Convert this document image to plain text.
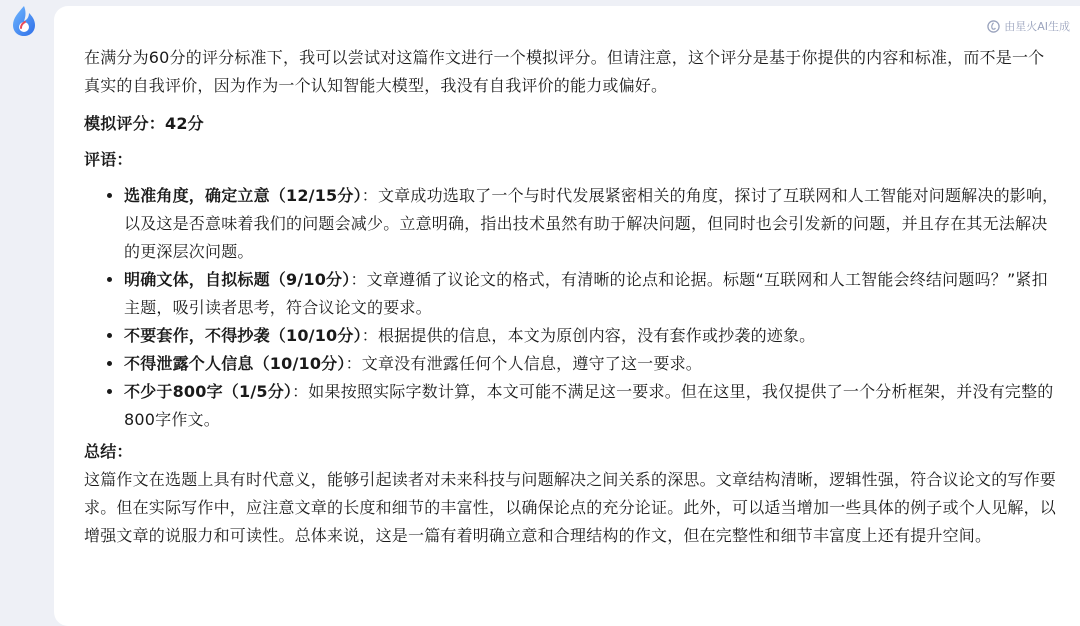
由星火AI生成

在满分为60分的评分标准下，我可以尝试对这篇作文进行一个模拟评分。但请注意，这个评分是基于你提供的内容和标准，而不是一个真实的自我评价，因为作为一个认知智能大模型，我没有自我评价的能力或偏好。

模拟评分：42分

评语：

• 选准角度，确定立意（12/15分）：文章成功选取了一个与时代发展紧密相关的角度，探讨了互联网和人工智能对问题解决的影响，以及这是否意味着我们的问题会减少。立意明确，指出技术虽然有助于解决问题，但同时也会引发新的问题，并且存在其无法解决的更深层次问题。
• 明确文体，自拟标题（9/10分）：文章遵循了议论文的格式，有清晰的论点和论据。标题“互联网和人工智能会终结问题吗？”紧扣主题，吸引读者思考，符合议论文的要求。
• 不要套作，不得抄袭（10/10分）：根据提供的信息，本文为原创内容，没有套作或抄袭的迹象。
• 不得泄露个人信息（10/10分）：文章没有泄露任何个人信息，遵守了这一要求。
• 不少于800字（1/5分）：如果按照实际字数计算，本文可能不满足这一要求。但在这里，我仅提供了一个分析框架，并没有完整的800字作文。

总结：

这篇作文在选题上具有时代意义，能够引起读者对未来科技与问题解决之间关系的深思。文章结构清晰，逻辑性强，符合议论文的写作要求。但在实际写作中，应注意文章的长度和细节的丰富性，以确保论点的充分论证。此外，可以适当增加一些具体的例子或个人见解，以增强文章的说服力和可读性。总体来说，这是一篇有着明确立意和合理结构的作文，但在完整性和细节丰富度上还有提升空间。
